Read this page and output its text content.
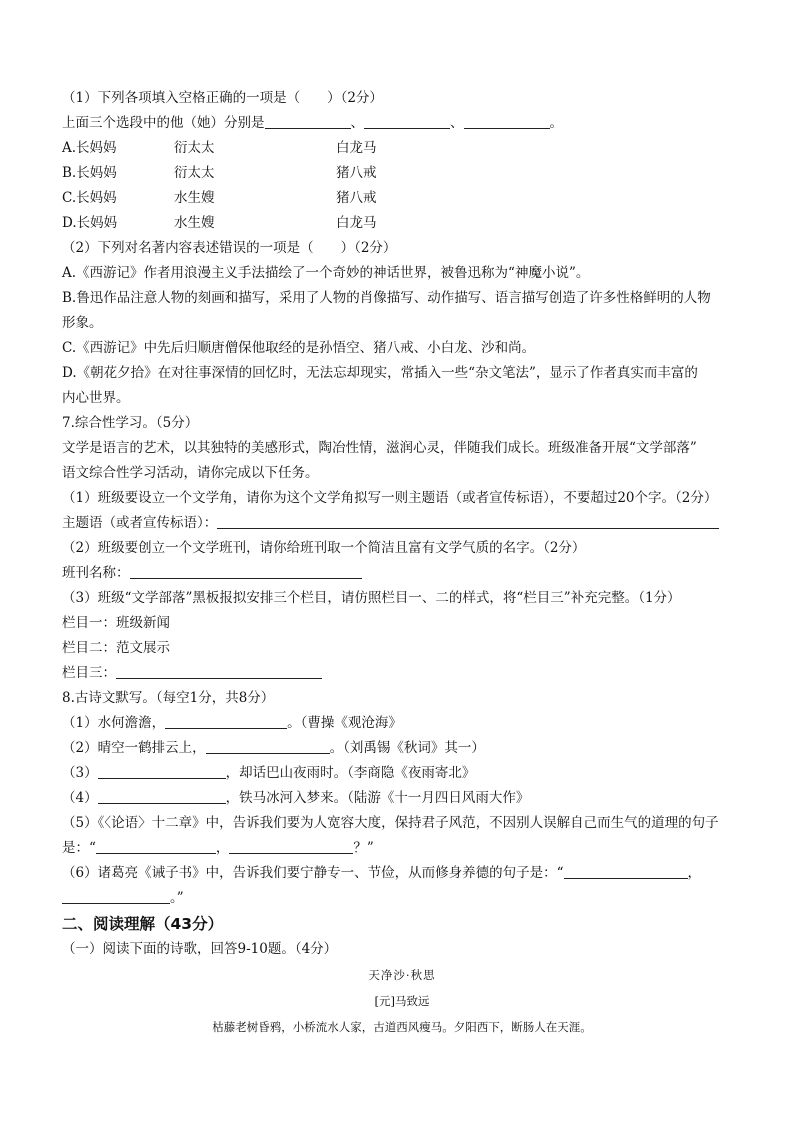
（1）下列各项填入空格正确的一项是（　　）（2分）
上面三个选段中的他（她）分别是	、	、	。
A.长妈妈	衍太太	白龙马
B.长妈妈	衍太太	猪八戒
C.长妈妈	水生嫂	猪八戒
D.长妈妈	水生嫂	白龙马
（2）下列对名著内容表述错误的一项是（　　）（2分）
A.《西游记》作者用浪漫主义手法描绘了一个奇妙的神话世界，被鲁迅称为“神魔小说”。
B.鲁迅作品注意人物的刻画和描写，采用了人物的肖像描写、动作描写、语言描写创造了许多性格鲜明的人物
形象。
C.《西游记》中先后归顺唐僧保他取经的是孙悟空、猪八戒、小白龙、沙和尚。
D.《朝花夕拾》在对往事深情的回忆时，无法忘却现实，常插入一些“杂文笔法”，显示了作者真实而丰富的
内心世界。
7.综合性学习。（5分）
文学是语言的艺术，以其独特的美感形式，陶冶性情，滋润心灵，伴随我们成长。班级准备开展“文学部落”
语文综合性学习活动，请你完成以下任务。
（1）班级要设立一个文学角，请你为这个文学角拟写一则主题语（或者宣传标语），不要超过20个字。（2分）
主题语（或者宣传标语）：
（2）班级要创立一个文学班刊，请你给班刊取一个简洁且富有文学气质的名字。（2分）
班刊名称：
（3）班级“文学部落”黑板报拟安排三个栏目，请仿照栏目一、二的样式，将“栏目三”补充完整。（1分）
栏目一：班级新闻
栏目二：范文展示
栏目三：
8.古诗文默写。（每空1分，共8分）
（1）水何澹澹，	。（曹操《观沧海》
（2）晴空一鹤排云上，	。（刘禹锡《秋词》其一）
（3）	，却话巴山夜雨时。（李商隐《夜雨寄北》
（4）	，铁马冰河入梦来。（陆游《十一月四日风雨大作》
（5）《〈论语〉十二章》中，告诉我们要为人宽容大度，保持君子风范，不因别人误解自己而生气的道理的句子
是：“	，	？”
（6）诸葛亮《诫子书》中，告诉我们要宁静专一、节俭，从而修身养德的句子是：“	，
。”
二、阅读理解（43分）
（一）阅读下面的诗歌，回答9-10题。（4分）
天净沙·秋思
[元]马致远
枯藤老树昏鸦，小桥流水人家，古道西风瘦马。夕阳西下，断肠人在天涯。
